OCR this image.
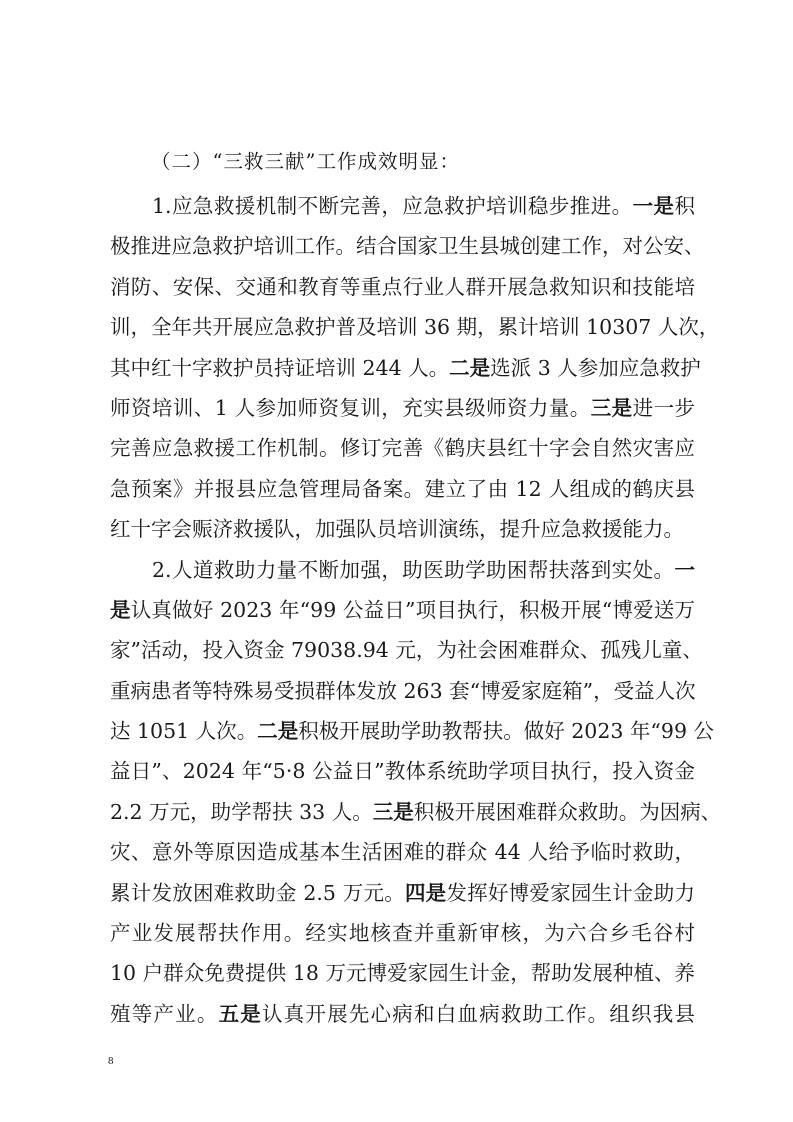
（二）“三救三献”工作成效明显：
1.应急救援机制不断完善，应急救护培训稳步推进。一是积
极推进应急救护培训工作。结合国家卫生县城创建工作，对公安、
消防、安保、交通和教育等重点行业人群开展急救知识和技能培
训，全年共开展应急救护普及培训 36 期，累计培训 10307 人次，
其中红十字救护员持证培训 244 人。二是选派 3 人参加应急救护
师资培训、1 人参加师资复训，充实县级师资力量。三是进一步
完善应急救援工作机制。修订完善《鹤庆县红十字会自然灾害应
急预案》并报县应急管理局备案。建立了由 12 人组成的鹤庆县
红十字会赈济救援队，加强队员培训演练，提升应急救援能力。
2.人道救助力量不断加强，助医助学助困帮扶落到实处。一
是认真做好 2023 年“99 公益日”项目执行，积极开展“博爱送万
家”活动，投入资金 79038.94 元，为社会困难群众、孤残儿童、
重病患者等特殊易受损群体发放 263 套“博爱家庭箱”，受益人次
达 1051 人次。二是积极开展助学助教帮扶。做好 2023 年“99 公
益日”、2024 年“5·8 公益日”教体系统助学项目执行，投入资金
2.2 万元，助学帮扶 33 人。三是积极开展困难群众救助。为因病、
灾、意外等原因造成基本生活困难的群众 44 人给予临时救助，
累计发放困难救助金 2.5 万元。四是发挥好博爱家园生计金助力
产业发展帮扶作用。经实地核查并重新审核，为六合乡毛谷村
10 户群众免费提供 18 万元博爱家园生计金，帮助发展种植、养
殖等产业。五是认真开展先心病和白血病救助工作。组织我县
8
